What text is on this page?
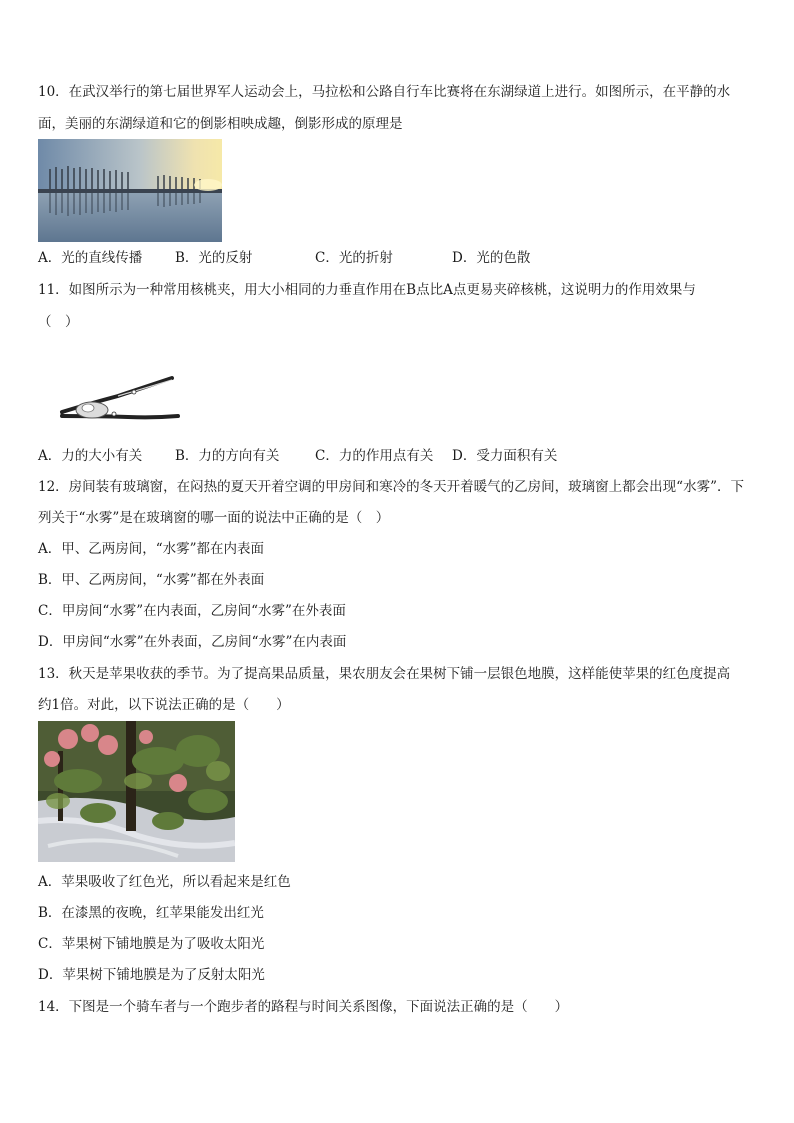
10．在武汉举行的第七届世界军人运动会上，马拉松和公路自行车比赛将在东湖绿道上进行。如图所示，在平静的水
面，美丽的东湖绿道和它的倒影相映成趣，倒影形成的原理是
A．光的直线传播 B．光的反射	C．光的折射	D．光的色散
11．如图所示为一种常用核桃夹，用大小相同的力垂直作用在B点比A点更易夹碎核桃，这说明力的作用效果与
（　）
A．力的大小有关 B．力的方向有关	C．力的作用点有关 D．受力面积有关
12．房间装有玻璃窗，在闷热的夏天开着空调的甲房间和寒冷的冬天开着暖气的乙房间，玻璃窗上都会出现“水雾”．下
列关于“水雾”是在玻璃窗的哪一面的说法中正确的是（　）
A．甲、乙两房间，“水雾”都在内表面
B．甲、乙两房间，“水雾”都在外表面
C．甲房间“水雾”在内表面，乙房间“水雾”在外表面
D．甲房间“水雾”在外表面，乙房间“水雾”在内表面
13．秋天是苹果收获的季节。为了提高果品质量，果农朋友会在果树下铺一层银色地膜，这样能使苹果的红色度提高
约1倍。对此，以下说法正确的是（　　）
A．苹果吸收了红色光，所以看起来是红色
B．在漆黑的夜晚，红苹果能发出红光
C．苹果树下铺地膜是为了吸收太阳光
D．苹果树下铺地膜是为了反射太阳光
14．下图是一个骑车者与一个跑步者的路程与时间关系图像，下面说法正确的是（　　）
